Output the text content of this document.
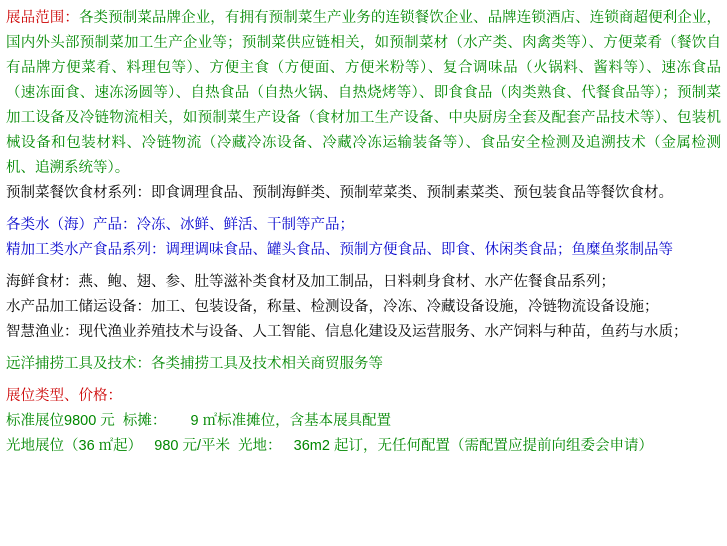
展品范围：各类预制菜品牌企业，有拥有预制菜生产业务的连锁餐饮企业、品牌连锁酒店、连锁商超便利企业，国内外头部预制菜加工生产企业等；预制菜供应链相关，如预制菜材（水产类、肉禽类等）、方便菜肴（餐饮自有品牌方便菜肴、料理包等）、方便主食（方便面、方便米粉等）、复合调味品（火锅料、酱料等）、速冻食品（速冻面食、速冻汤圆等）、自热食品（自热火锅、自热烧烤等）、即食食品（肉类熟食、代餐食品等）；预制菜加工设备及冷链物流相关，如预制菜生产设备（食材加工生产设备、中央厨房全套及配套产品技术等）、包装机械设备和包装材料、冷链物流（冷藏冷冻设备、冷藏冷冻运输装备等）、食品安全检测及追溯技术（金属检测机、追溯系统等）。

预制菜餐饮食材系列：即食调理食品、预制海鲜类、预制荤菜类、预制素菜类、预包装食品等餐饮食材。

各类水（海）产品：冷冻、冰鲜、鲜活、干制等产品；

精加工类水产食品系列：调理调味食品、罐头食品、预制方便食品、即食、休闲类食品；鱼糜鱼浆制品等

海鲜食材：燕、鲍、翅、参、肚等滋补类食材及加工制品，日料刺身食材、水产佐餐食品系列；

水产品加工储运设备：加工、包装设备，称量、检测设备，冷冻、冷藏设备设施，冷链物流设备设施；

智慧渔业：现代渔业养殖技术与设备、人工智能、信息化建设及运营服务、水产饲料与种苗，鱼药与水质；

远洋捕捞工具及技术：各类捕捞工具及技术相关商贸服务等

展位类型、价格：

标准展位9800 元 标摊： 9 ㎡标准摊位，含基本展具配置

光地展位（36 ㎡起） 980 元/平米 光地： 36m2 起订，无任何配置（需配置应提前向组委会申请）
